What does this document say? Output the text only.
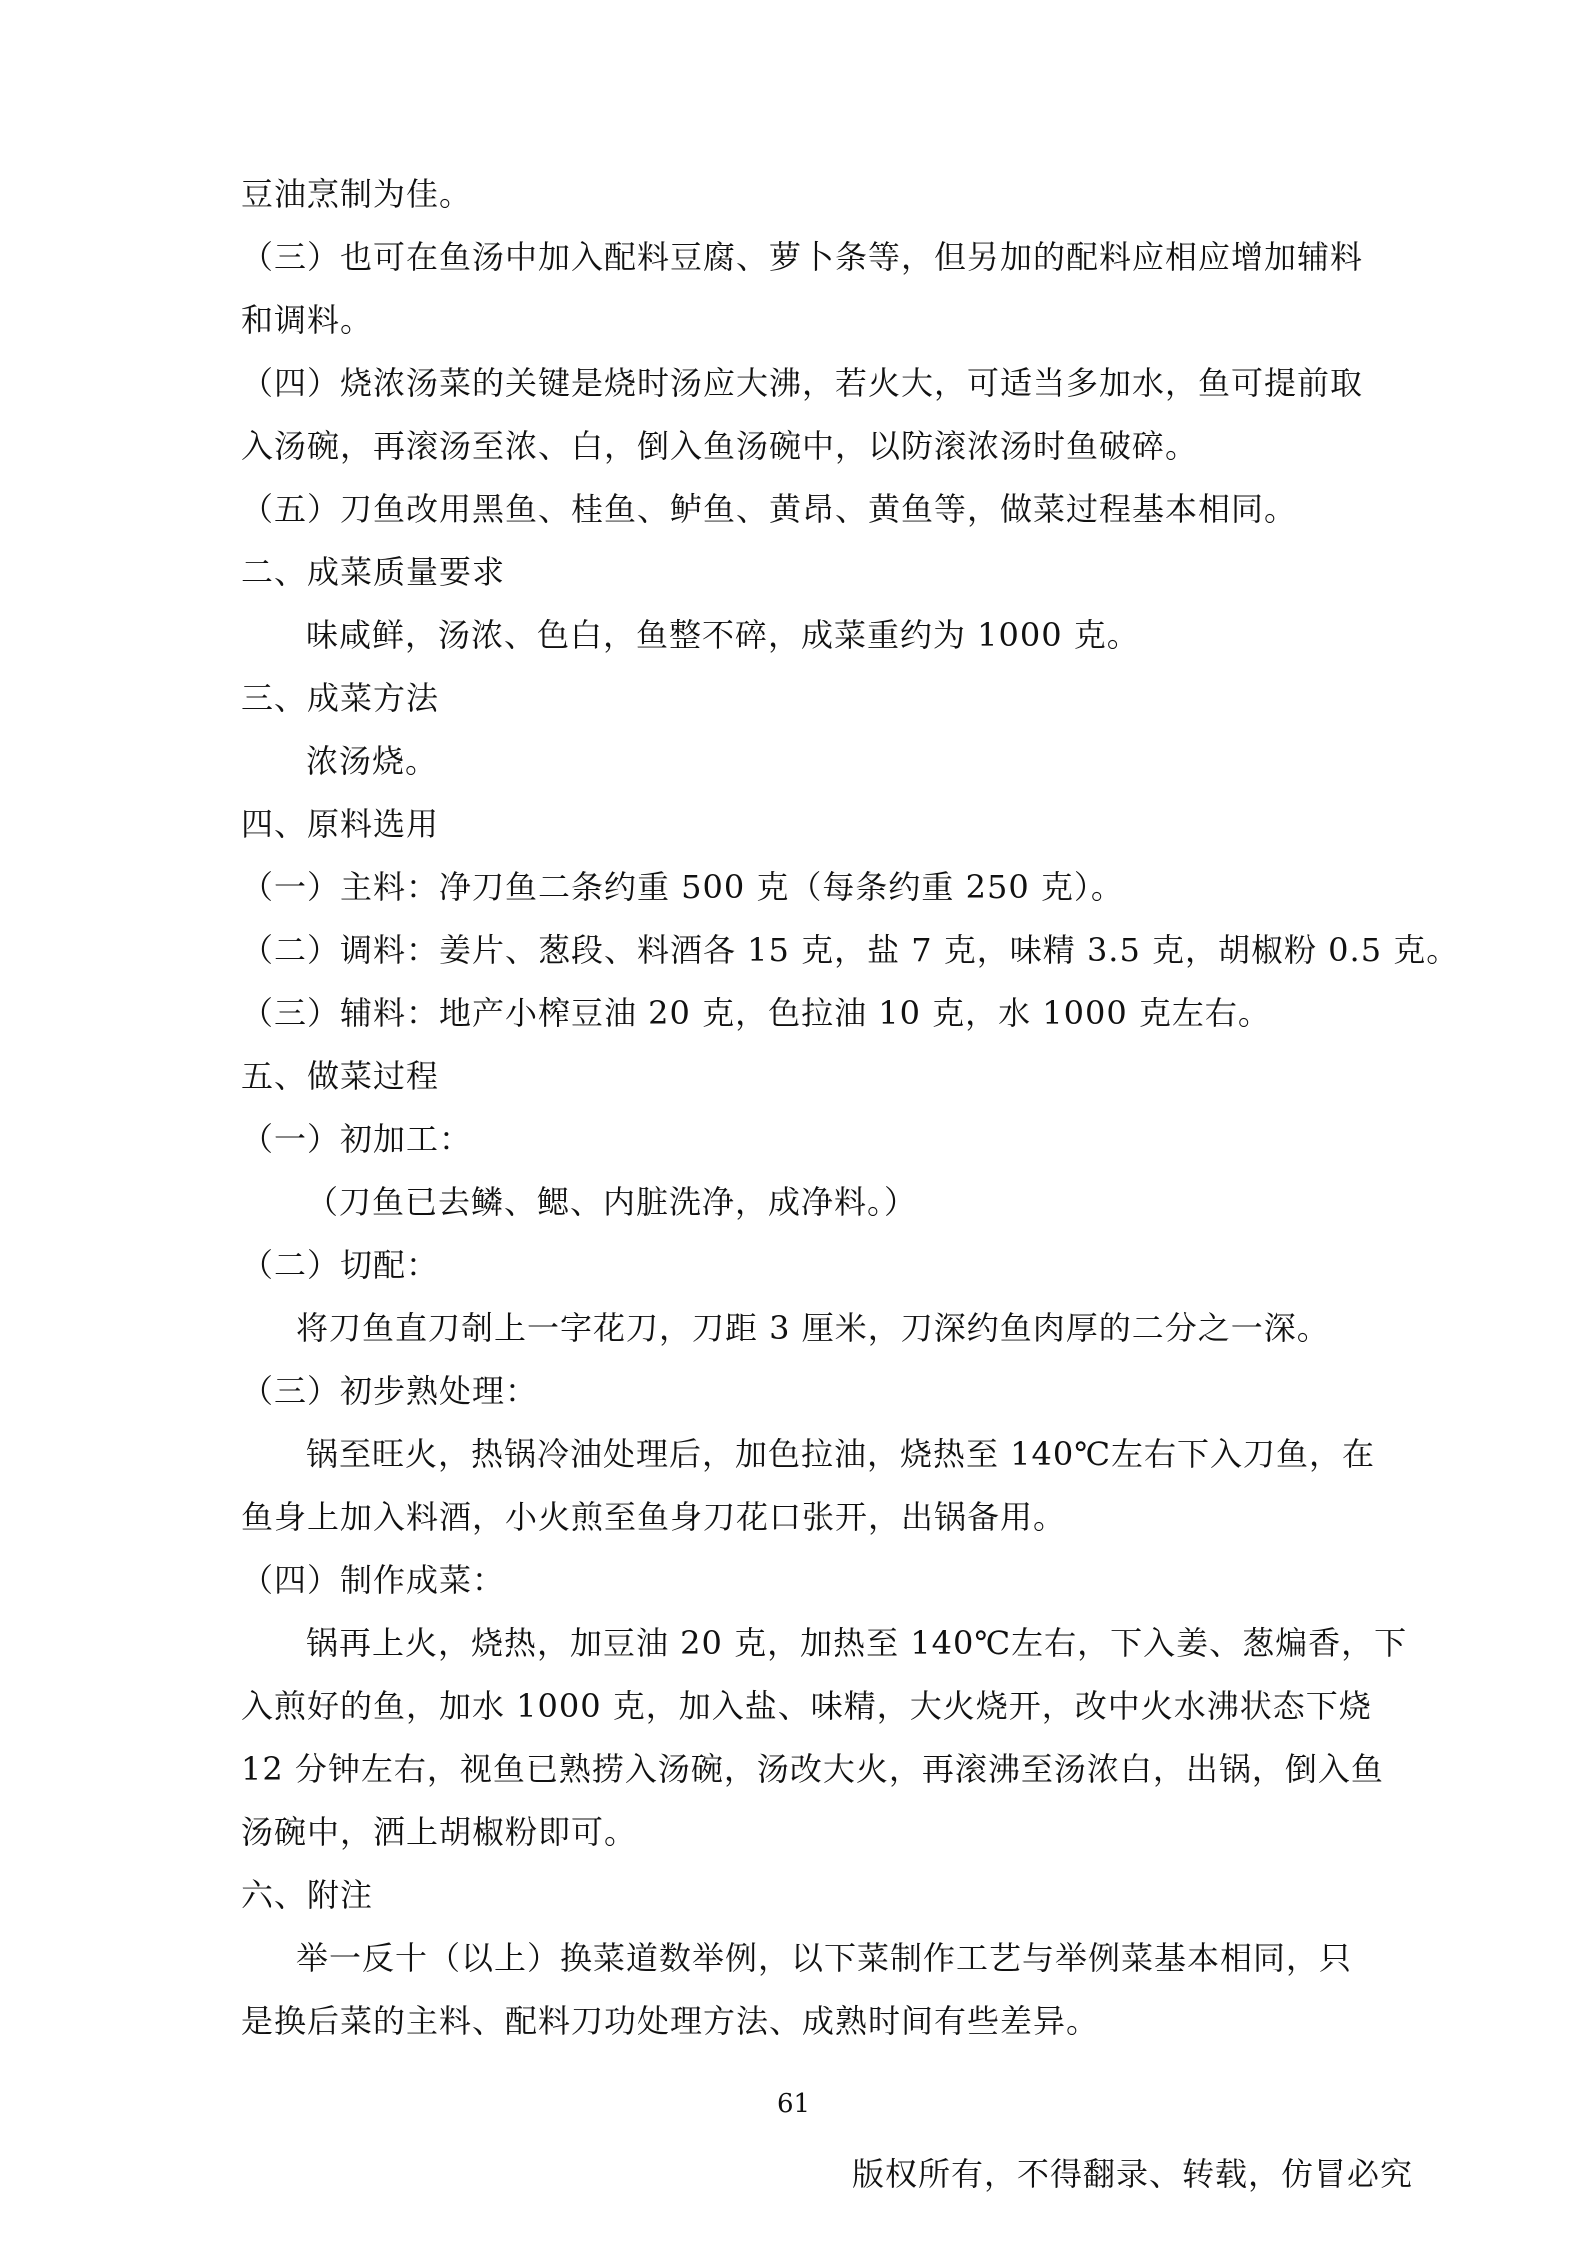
豆油烹制为佳。
（三）也可在鱼汤中加入配料豆腐、萝卜条等，但另加的配料应相应增加辅料
和调料。
（四）烧浓汤菜的关键是烧时汤应大沸，若火大，可适当多加水，鱼可提前取
入汤碗，再滚汤至浓、白，倒入鱼汤碗中，以防滚浓汤时鱼破碎。
（五）刀鱼改用黑鱼、桂鱼、鲈鱼、黄昂、黄鱼等，做菜过程基本相同。
二、成菜质量要求
味咸鲜，汤浓、色白，鱼整不碎，成菜重约为 1000 克。
三、成菜方法
浓汤烧。
四、原料选用
（一）主料：净刀鱼二条约重 500 克（每条约重 250 克）。
（二）调料：姜片、葱段、料酒各 15 克，盐 7 克，味精 3.5 克，胡椒粉 0.5 克。
（三）辅料：地产小榨豆油 20 克，色拉油 10 克，水 1000 克左右。
五、做菜过程
（一）初加工：
（刀鱼已去鳞、鳃、内脏洗净，成净料。）
（二）切配：
将刀鱼直刀剞上一字花刀，刀距 3 厘米，刀深约鱼肉厚的二分之一深。
（三）初步熟处理：
锅至旺火，热锅冷油处理后，加色拉油，烧热至 140℃左右下入刀鱼，在
鱼身上加入料酒，小火煎至鱼身刀花口张开，出锅备用。
（四）制作成菜：
锅再上火，烧热，加豆油 20 克，加热至 140℃左右，下入姜、葱煸香，下
入煎好的鱼，加水 1000 克，加入盐、味精，大火烧开，改中火水沸状态下烧
12 分钟左右，视鱼已熟捞入汤碗，汤改大火，再滚沸至汤浓白，出锅，倒入鱼
汤碗中，洒上胡椒粉即可。
六、附注
举一反十（以上）换菜道数举例，以下菜制作工艺与举例菜基本相同，只
是换后菜的主料、配料刀功处理方法、成熟时间有些差异。
61
版权所有，不得翻录、转载，仿冒必究
